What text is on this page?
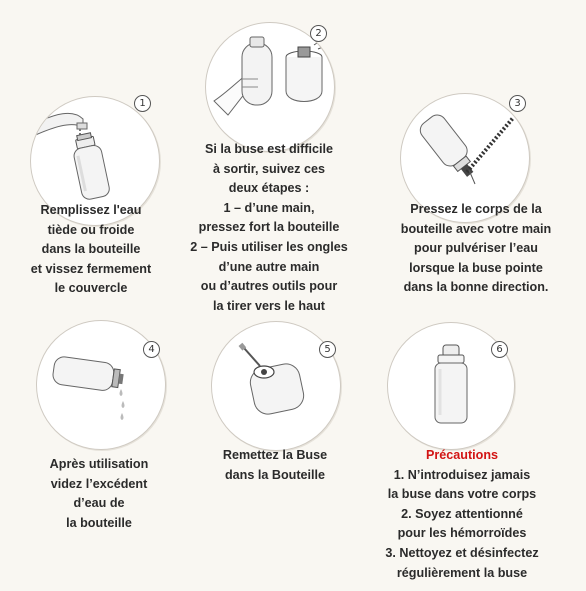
1
Remplissez l'eau
tiède ou froide
dans la bouteille
et vissez fermement
le couvercle
2
Si la buse est difficile
à sortir, suivez ces
deux étapes :
1 – d’une main,
pressez fort la bouteille
2 – Puis utiliser les ongles
d’une autre main
ou d’autres outils pour
la tirer vers le haut
3
Pressez le corps de la
bouteille avec votre main
pour pulvériser l’eau
lorsque la buse pointe
dans la bonne direction.
4
Après utilisation
videz l’excédent
d’eau de
la bouteille
5
Remettez la Buse
dans la Bouteille
6
Précautions
1. N’introduisez jamais
la buse dans votre corps
2. Soyez attentionné
pour les hémorroïdes
3. Nettoyez et désinfectez
régulièrement la buse
